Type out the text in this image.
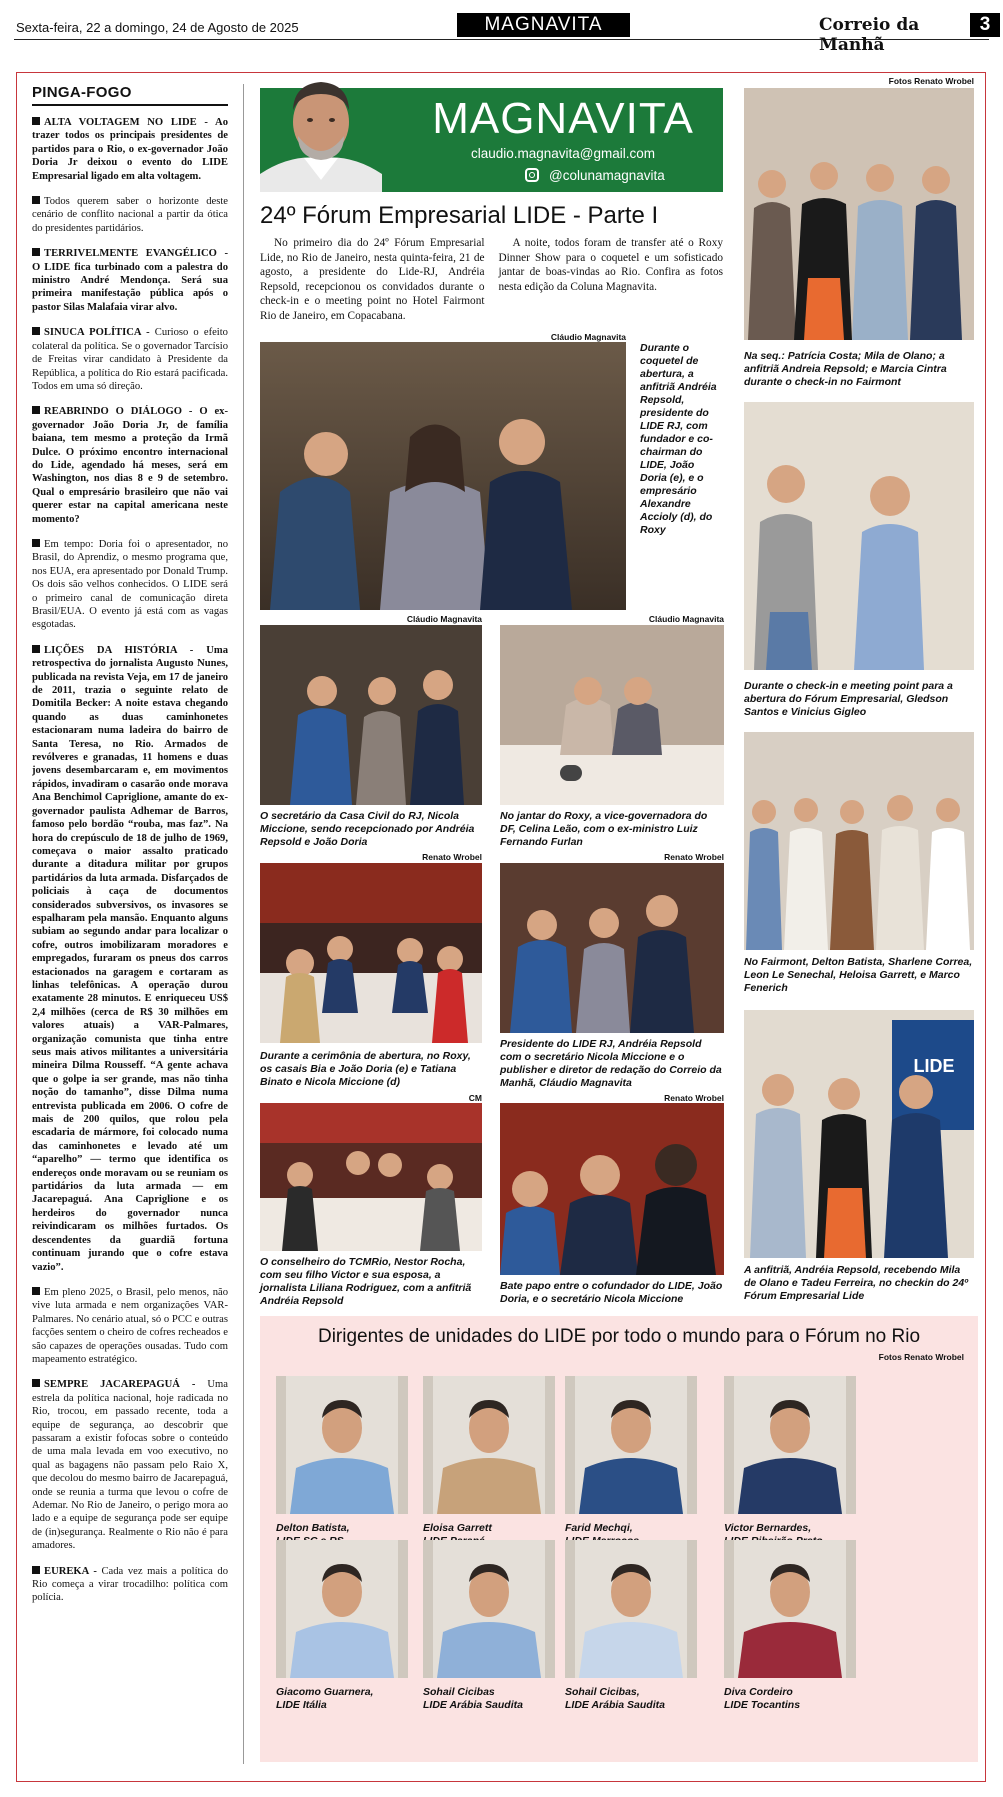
Sexta-feira, 22 a domingo, 24 de Agosto de 2025	MAGNAVITA	Correio da Manhã
3
PINGA-FOGO

ALTA VOLTAGEM NO LIDE - Ao trazer todos os principais presidentes de partidos para o Rio, o ex-governador João Doria Jr deixou o evento do LIDE Empresarial ligado em alta voltagem.

Todos querem saber o horizonte deste cenário de conflito nacional a partir da ótica do presidentes partidários.

TERRIVELMENTE EVANGÉLICO - O LIDE fica turbinado com a palestra do ministro André Mendonça. Será sua primeira manifestação pública após o pastor Silas Malafaia virar alvo.

SINUCA POLÍTICA - Curioso o efeito colateral da política. Se o governador Tarcísio de Freitas virar candidato à Presidente da República, a política do Rio estará pacificada. Todos em uma só direção.

REABRINDO O DIÁLOGO - O ex-governador João Doria Jr, de família baiana, tem mesmo a proteção da Irmã Dulce. O próximo encontro internacional do Lide, agendado há meses, será em Washington, nos dias 8 e 9 de setembro. Qual o empresário brasileiro que não vai querer estar na capital americana neste momento?

Em tempo: Doria foi o apresentador, no Brasil, do Aprendiz, o mesmo programa que, nos EUA, era apresentado por Donald Trump. Os dois são velhos conhecidos. O LIDE será o primeiro canal de comunicação direta Brasil/EUA. O evento já está com as vagas esgotadas.

LIÇÕES DA HISTÓRIA - Uma retrospectiva do jornalista Augusto Nunes, publicada na revista Veja, em 17 de janeiro de 2011, trazia o seguinte relato de Domitila Becker: A noite estava chegando quando as duas caminhonetes estacionaram numa ladeira do bairro de Santa Teresa, no Rio. Armados de revólveres e granadas, 11 homens e duas jovens desembarcaram e, em movimentos rápidos, invadiram o casarão onde morava Ana Benchimol Capriglione, amante do ex-governador paulista Adhemar de Barros, famoso pelo bordão “rouba, mas faz”. Na hora do crepúsculo de 18 de julho de 1969, começava o maior assalto praticado durante a ditadura militar por grupos partidários da luta armada. Disfarçados de policiais à caça de documentos considerados subversivos, os invasores se espalharam pela mansão. Enquanto alguns subiam ao segundo andar para localizar o cofre, outros imobilizaram moradores e empregados, furaram os pneus dos carros estacionados na garagem e cortaram as linhas telefônicas. A operação durou exatamente 28 minutos. E enriqueceu US$ 2,4 milhões (cerca de R$ 30 milhões em valores atuais) a VAR-Palmares, organização comunista que tinha entre seus mais ativos militantes a universitária mineira Dilma Rousseff. “A gente achava que o golpe ia ser grande, mas não tinha noção do tamanho”, disse Dilma numa entrevista publicada em 2006. O cofre de mais de 200 quilos, que rolou pela escadaria de mármore, foi colocado numa das caminhonetes e levado até um “aparelho” — termo que identifica os endereços onde moravam ou se reuniam os partidários da luta armada — em Jacarepaguá. Ana Capriglione e os herdeiros do governador nunca reivindicaram os milhões furtados. Os descendentes da guardiã fortuna continuam jurando que o cofre estava vazio”.

Em pleno 2025, o Brasil, pelo menos, não vive luta armada e nem organizações VAR-Palmares. No cenário atual, só o PCC e outras facções sentem o cheiro de cofres recheados e são capazes de operações ousadas. Tudo com mapeamento estratégico.

SEMPRE JACAREPAGUÁ - Uma estrela da política nacional, hoje radicada no Rio, trocou, em passado recente, toda a equipe de segurança, ao descobrir que passaram a existir fofocas sobre o conteúdo de uma mala levada em voo executivo, no qual as bagagens não passam pelo Raio X, que decolou do mesmo bairro de Jacarepaguá, onde se reunia a turma que levou o cofre de Ademar. No Rio de Janeiro, o perigo mora ao lado e a equipe de segurança pode ser equipe de (in)segurança. Realmente o Rio não é para amadores.

EUREKA - Cada vez mais a política do Rio começa a virar trocadilho: política com polícia.

MAGNAVITA
claudio.magnavita@gmail.com
@colunamagnavita
24º Fórum Empresarial LIDE - Parte I

No primeiro dia do 24º Fórum Empresarial Lide, no Rio de Janeiro, nesta quinta-feira, 21 de agosto, a presidente do Lide-RJ, Andréia Repsold, recepcionou os convidados durante o check-in e o meeting point no Hotel Fairmont Rio de Janeiro, em Copacabana.

A noite, todos foram de transfer até o Roxy Dinner Show para o coquetel e um sofisticado jantar de boas-vindas ao Rio. Confira as fotos nesta edição da Coluna Magnavita.

Cláudio Magnavita
Durante o coquetel de abertura, a anfitriã Andréia Repsold, presidente do LIDE RJ, com fundador e co-chairman do LIDE, João Doria (e), e o empresário Alexandre Accioly (d), do Roxy
Cláudio Magnavita
O secretário da Casa Civil do RJ, Nicola Miccione, sendo recepcionado por Andréia Repsold e João Doria
Cláudio Magnavita
No jantar do Roxy, a vice-governadora do DF, Celina Leão, com o ex-ministro Luiz Fernando Furlan
Renato Wrobel
Durante a cerimônia de abertura, no Roxy, os casais Bia e João Doria (e) e Tatiana Binato e Nicola Miccione (d)
Renato Wrobel
Presidente do LIDE RJ, Andréia Repsold com o secretário Nicola Miccione e o publisher e diretor de redação do Correio da Manhã, Cláudio Magnavita
CM
O conselheiro do TCMRio, Nestor Rocha, com seu filho Victor e sua esposa, a jornalista Liliana Rodriguez, com a anfitriã Andréia Repsold
Renato Wrobel
Bate papo entre o cofundador do LIDE, João Doria, e o secretário Nicola Miccione
Fotos Renato Wrobel
Na seq.: Patrícia Costa; Mila de Olano; a anfitriã Andreia Repsold; e Marcia Cintra durante o check-in no Fairmont
Durante o check-in e meeting point para a abertura do Fórum Empresarial, Gledson Santos e Vinicius Gigleo
No Fairmont, Delton Batista, Sharlene Correa, Leon Le Senechal, Heloisa Garrett, e Marco Fenerich
LIDE
A anfitriã, Andréia Repsold, recebendo Mila de Olano e Tadeu Ferreira, no checkin do 24º Fórum Empresarial Lide
Dirigentes de unidades do LIDE por todo o mundo para o Fórum no Rio
Fotos Renato Wrobel
Delton Batista,	Eloisa Garrett	Farid Mechqi,	Victor Bernardes,
Giacomo Guarnera,
LIDE Itália
Sohail Cicibas
LIDE Arábia Saudita
Sohail Cicibas,
LIDE Arábia Saudita
Diva Cordeiro
LIDE Tocantins
